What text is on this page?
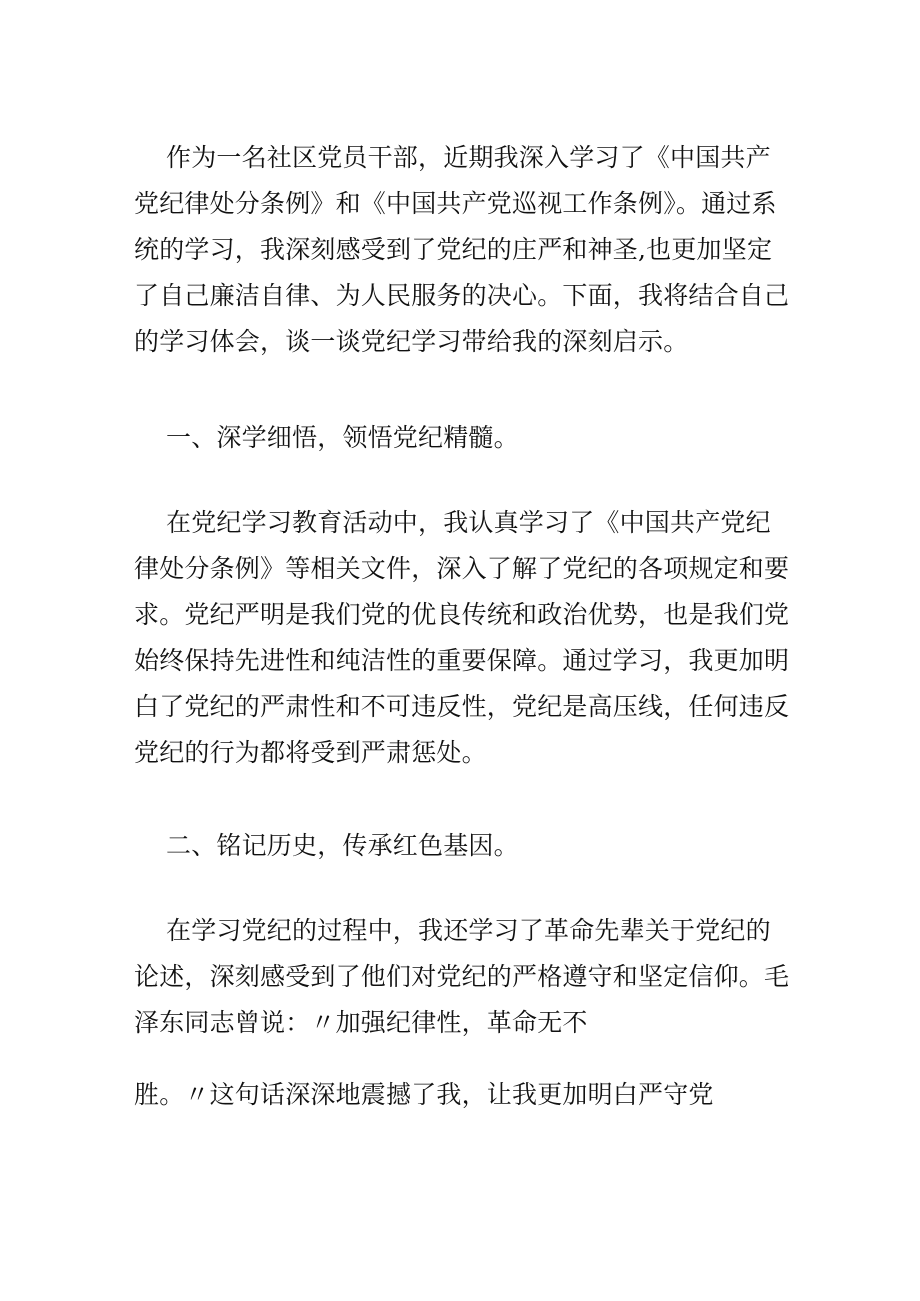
作为一名社区党员干部，近期我深入学习了《中国共产党纪律处分条例》和《中国共产党巡视工作条例》。通过系统的学习，我深刻感受到了党纪的庄严和神圣,也更加坚定了自己廉洁自律、为人民服务的决心。下面，我将结合自己的学习体会，谈一谈党纪学习带给我的深刻启示。

一、深学细悟，领悟党纪精髓。

在党纪学习教育活动中，我认真学习了《中国共产党纪律处分条例》等相关文件，深入了解了党纪的各项规定和要求。党纪严明是我们党的优良传统和政治优势，也是我们党始终保持先进性和纯洁性的重要保障。通过学习，我更加明白了党纪的严肃性和不可违反性，党纪是高压线，任何违反党纪的行为都将受到严肃惩处。

二、铭记历史，传承红色基因。

在学习党纪的过程中，我还学习了革命先辈关于党纪的论述，深刻感受到了他们对党纪的严格遵守和坚定信仰。毛泽东同志曾说：〃加强纪律性，革命无不

胜。〃这句话深深地震撼了我，让我更加明白严守党
